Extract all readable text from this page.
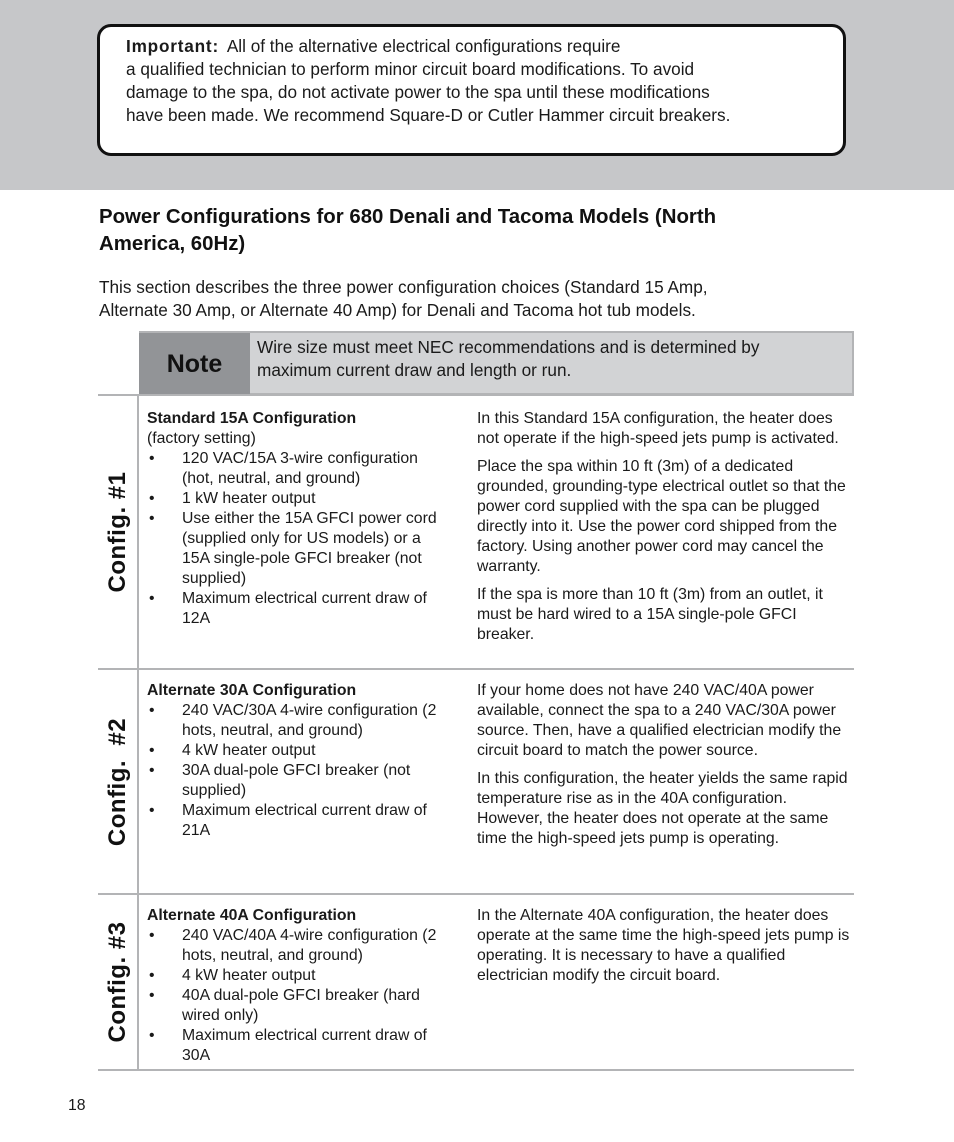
Important: All of the alternative electrical configurations require

a qualified technician to perform minor circuit board modifications. To avoid

damage to the spa, do not activate power to the spa until these modifications

have been made. We recommend Square-D or Cutler Hammer circuit breakers.

Power Configurations for 680 Denali and Tacoma Models (North
America, 60Hz)
This section describes the three power configuration choices (Standard 15 Amp,
Alternate 30 Amp, or Alternate 40 Amp) for Denali and Tacoma hot tub models.
Note
Wire size must meet NEC recommendations and is determined by
maximum current draw and length or run.
Config. #1
Standard 15A Configuration
(factory setting)
• 120 VAC/15A 3-wire configuration (hot, neutral, and ground)
• 1 kW heater output
• Use either the 15A GFCI power cord (supplied only for US models) or a 15A single-pole GFCI breaker (not supplied)
• Maximum electrical current draw of 12A

In this Standard 15A configuration, the heater does not operate if the high-speed jets pump is activated.

Place the spa within 10 ft (3m) of a dedicated grounded, grounding-type electrical outlet so that the power cord supplied with the spa can be plugged directly into it. Use the power cord shipped from the factory. Using another power cord may cancel the warranty.

If the spa is more than 10 ft (3m) from an outlet, it must be hard wired to a 15A single-pole GFCI breaker.

Config.  #2
Alternate 30A Configuration
• 240 VAC/30A 4-wire configuration (2 hots, neutral, and ground)
• 4 kW heater output
• 30A dual-pole GFCI breaker (not supplied)
• Maximum electrical current draw of 21A

If your home does not have 240 VAC/40A power available, connect the spa to a 240 VAC/30A power source. Then, have a qualified electrician modify the circuit board to match the power source.

In this configuration, the heater yields the same rapid temperature rise as in the 40A configuration. However, the heater does not operate at the same time the high-speed jets pump is operating.

Config. #3
Alternate 40A Configuration
• 240 VAC/40A 4-wire configuration (2 hots, neutral, and ground)
• 4 kW heater output
• 40A dual-pole GFCI breaker (hard wired only)
• Maximum electrical current draw of 30A

In the Alternate 40A configuration, the heater does operate at the same time the high-speed jets pump is operating. It is necessary to have a qualified electrician modify the circuit board.

18
